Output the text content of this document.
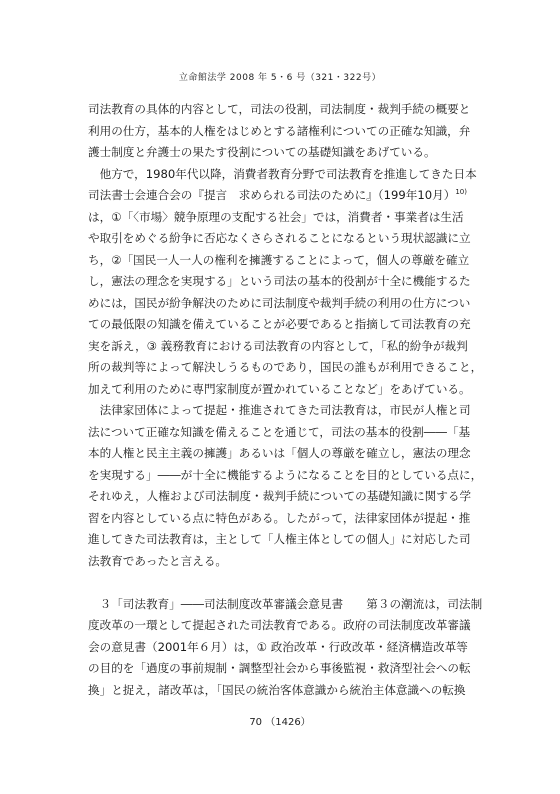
立命館法学 2008 年 5・6 号（321・322号）
司法教育の具体的内容として，司法の役割，司法制度・裁判手続の概要と
利用の仕方，基本的人権をはじめとする諸権利についての正確な知識，弁
護士制度と弁護士の果たす役割についての基礎知識をあげている。
　他方で，1980年代以降，消費者教育分野で司法教育を推進してきた日本
司法書士会連合会の『提言　求められる司法のために』（199年10月）$^{10)}$
は，①「〈市場〉競争原理の支配する社会」では，消費者・事業者は生活
や取引をめぐる紛争に否応なくさらされることになるという現状認識に立
ち，②「国民一人一人の権利を擁護することによって，個人の尊厳を確立
し，憲法の理念を実現する」という司法の基本的役割が十全に機能するた
めには，国民が紛争解決のために司法制度や裁判手続の利用の仕方につい
ての最低限の知識を備えていることが必要であると指摘して司法教育の充
実を訴え，③ 義務教育における司法教育の内容として，「私的紛争が裁判
所の裁判等によって解決しうるものであり，国民の誰もが利用できること，
加えて利用のために専門家制度が置かれていることなど」をあげている。
　法律家団体によって提起・推進されてきた司法教育は，市民が人権と司
法について正確な知識を備えることを通じて，司法の基本的役割――「基
本的人権と民主主義の擁護」あるいは「個人の尊厳を確立し，憲法の理念
を実現する」――が十全に機能するようになることを目的としている点に，
それゆえ，人権および司法制度・裁判手続についての基礎知識に関する学
習を内容としている点に特色がある。したがって，法律家団体が提起・推
進してきた司法教育は，主として「人権主体としての個人」に対応した司
法教育であったと言える。
　３「司法教育」――司法制度改革審議会意見書　　第３の潮流は，司法制
度改革の一環として提起された司法教育である。政府の司法制度改革審議
会の意見書（2001年６月）は，① 政治改革・行政改革・経済構造改革等
の目的を「過度の事前規制・調整型社会から事後監視・救済型社会への転
換」と捉え，諸改革は，「国民の統治客体意識から統治主体意識への転換
70 （1426）
